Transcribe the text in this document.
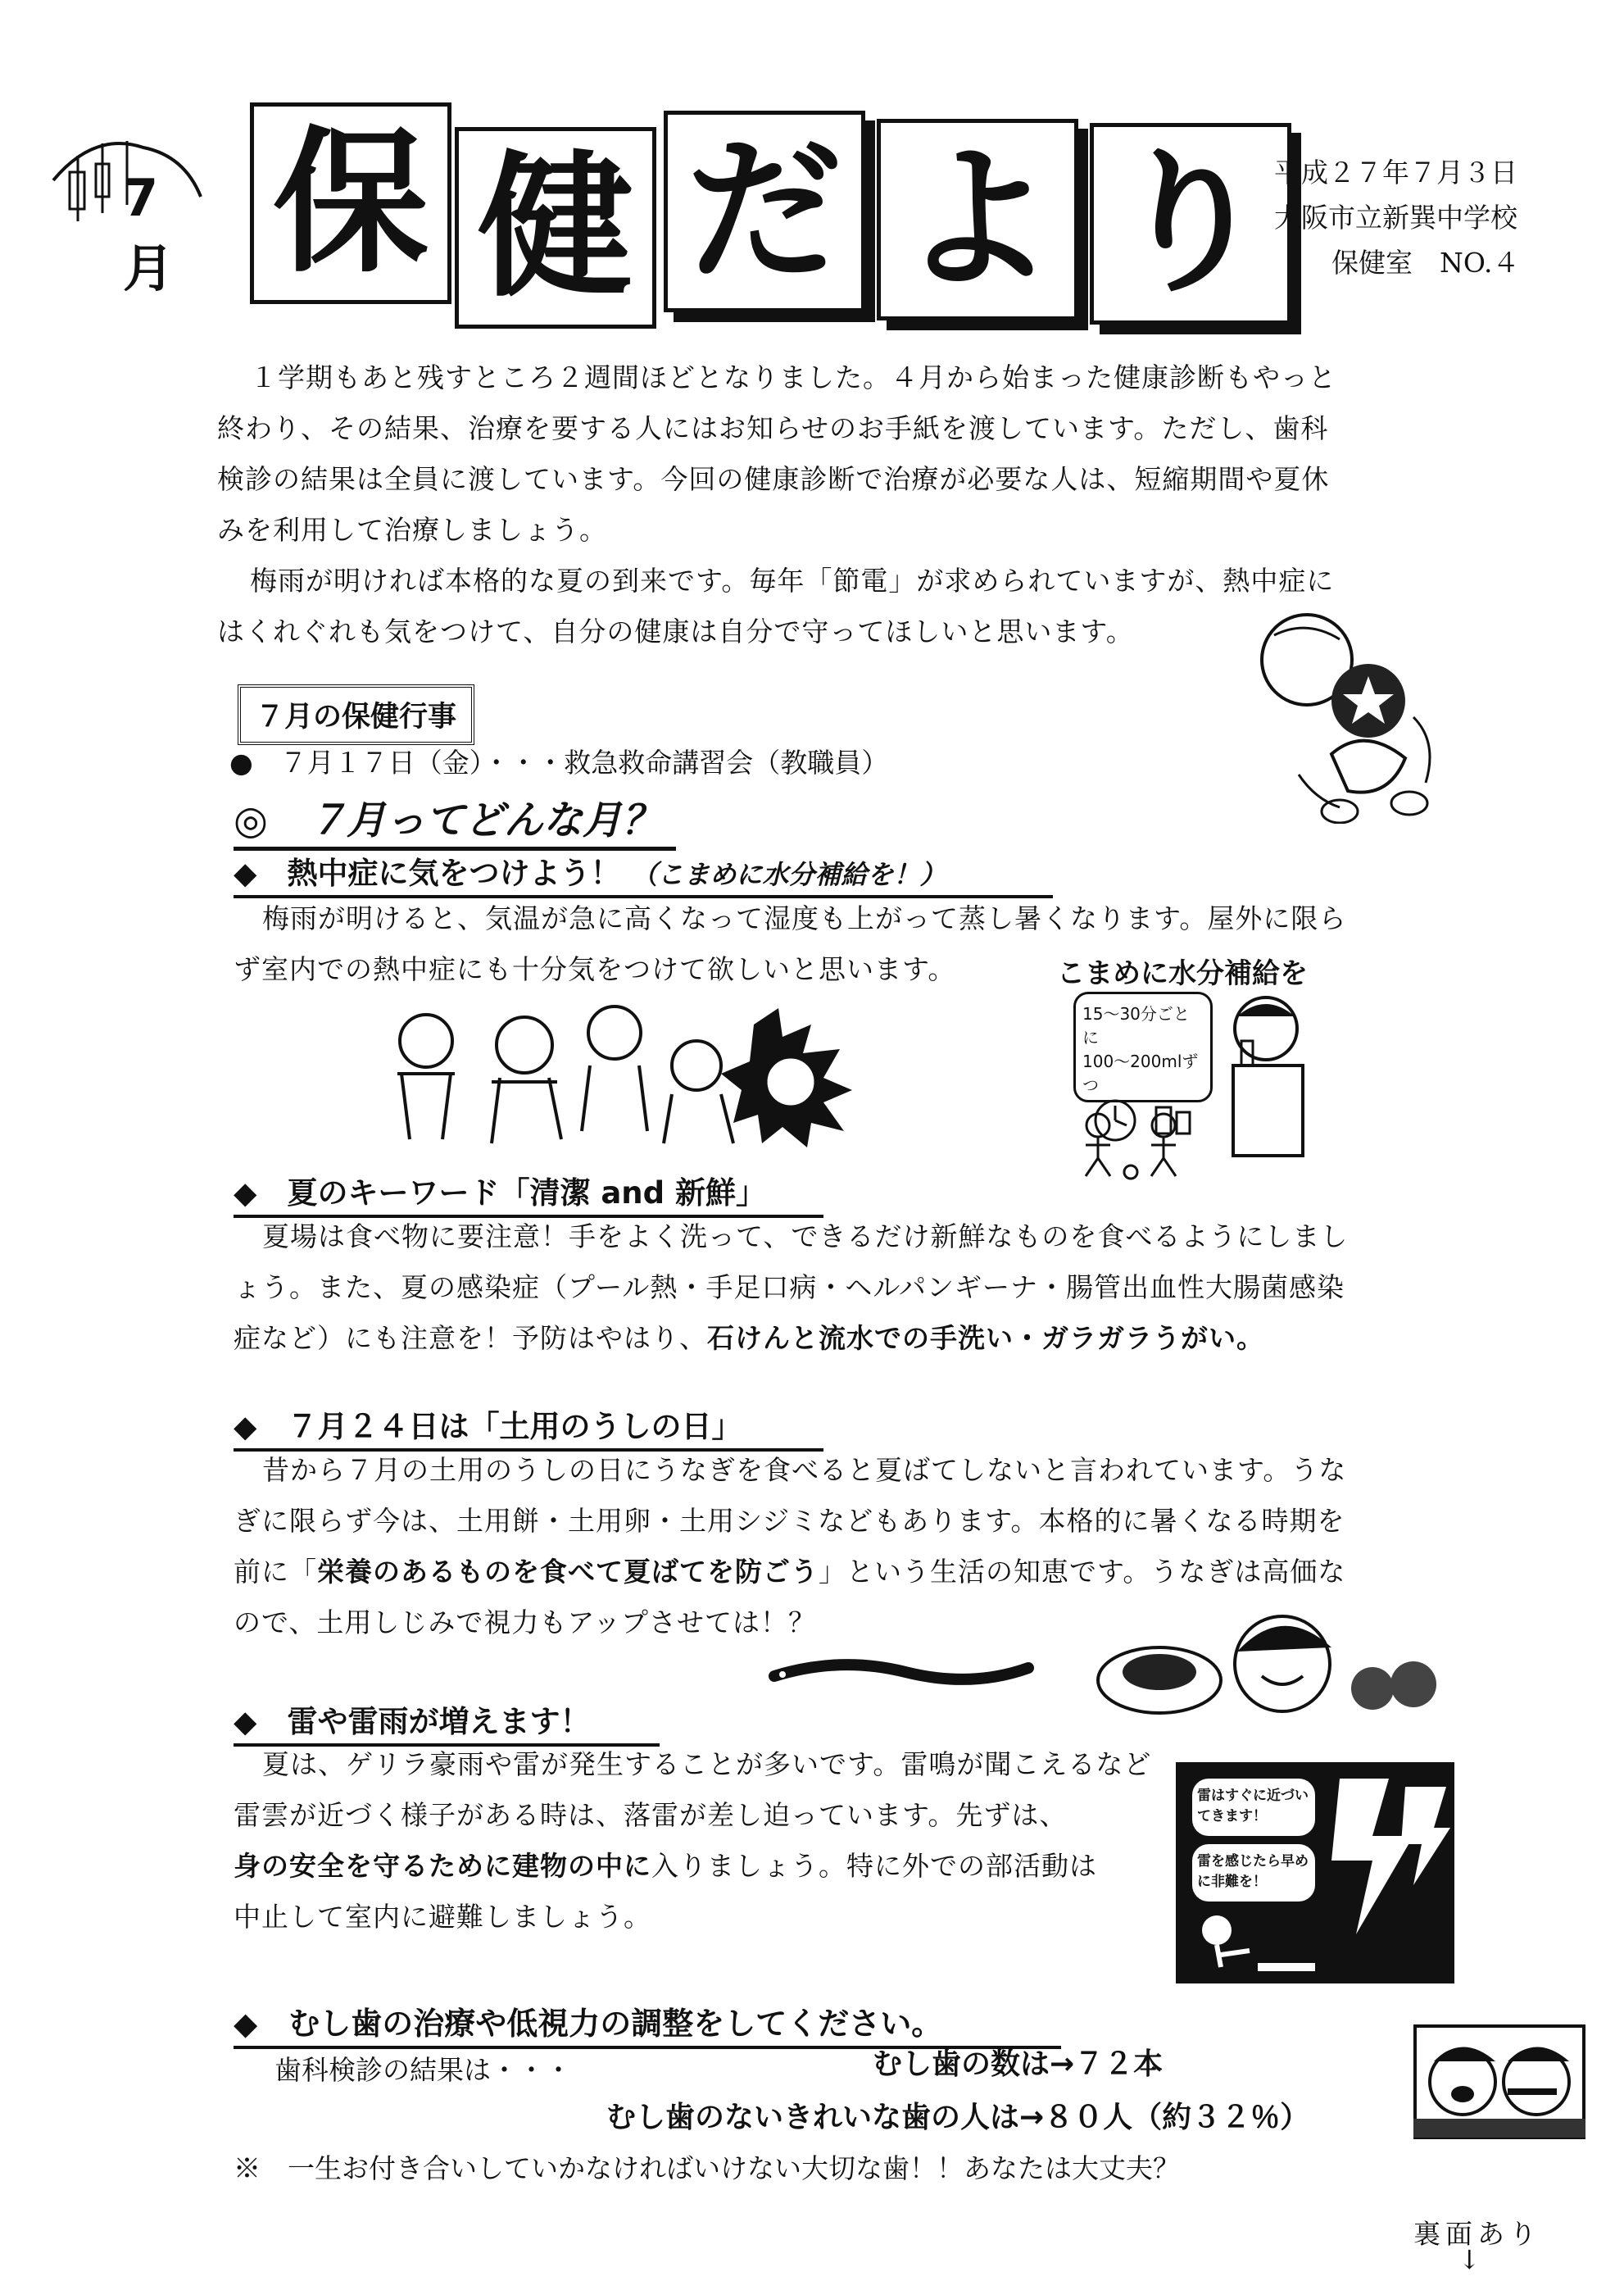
7月 保 健 だ よ り 平成２７年７月３日
大阪市立新巽中学校
保健室　NO.４

１学期もあと残すところ２週間ほどとなりました。４月から始まった健康診断もやっと

終わり、その結果、治療を要する人にはお知らせのお手紙を渡しています。ただし、歯科

検診の結果は全員に渡しています。今回の健康診断で治療が必要な人は、短縮期間や夏休

みを利用して治療しましょう。

梅雨が明ければ本格的な夏の到来です。毎年「節電」が求められていますが、熱中症に

はくれぐれも気をつけて、自分の健康は自分で守ってほしいと思います。

７月の保健行事
●　７月１７日（金）・・・救急救命講習会（教職員）
◎　７月ってどんな月？
◆　熱中症に気をつけよう！ （こまめに水分補給を！）

梅雨が明けると、気温が急に高くなって湿度も上がって蒸し暑くなります。屋外に限ら

ず室内での熱中症にも十分気をつけて欲しいと思います。	こまめに水分補給を
15～30分ごとに
100～200mlずつ
◆　夏のキーワード「清潔 and 新鮮」

夏場は食べ物に要注意！手をよく洗って、できるだけ新鮮なものを食べるようにしまし

ょう。また、夏の感染症（プール熱・手足口病・ヘルパンギーナ・腸管出血性大腸菌感染

症など）にも注意を！予防はやはり、石けんと流水での手洗い・ガラガラうがい。

◆　７月２４日は「土用のうしの日」

昔から７月の土用のうしの日にうなぎを食べると夏ばてしないと言われています。うな

ぎに限らず今は、土用餅・土用卵・土用シジミなどもあります。本格的に暑くなる時期を

前に「栄養のあるものを食べて夏ばてを防ごう」という生活の知恵です。うなぎは高価な

ので、土用しじみで視力もアップさせては！？

◆　雷や雷雨が増えます！

夏は、ゲリラ豪雨や雷が発生することが多いです。雷鳴が聞こえるなど

雷雲が近づく様子がある時は、落雷が差し迫っています。先ずは、

身の安全を守るために建物の中に入りましょう。特に外での部活動は

中止して室内に避難しましょう。

雷はすぐに近づいてきます！
雷を感じたら早めに非難を！
◆　むし歯の治療や低視力の調整をしてください。
歯科検診の結果は・・・	むし歯の数は→７２本
むし歯のないきれいな歯の人は→８０人（約３２％）
※　一生お付き合いしていかなければいけない大切な歯！！あなたは大丈夫？
裏面あり
↓
